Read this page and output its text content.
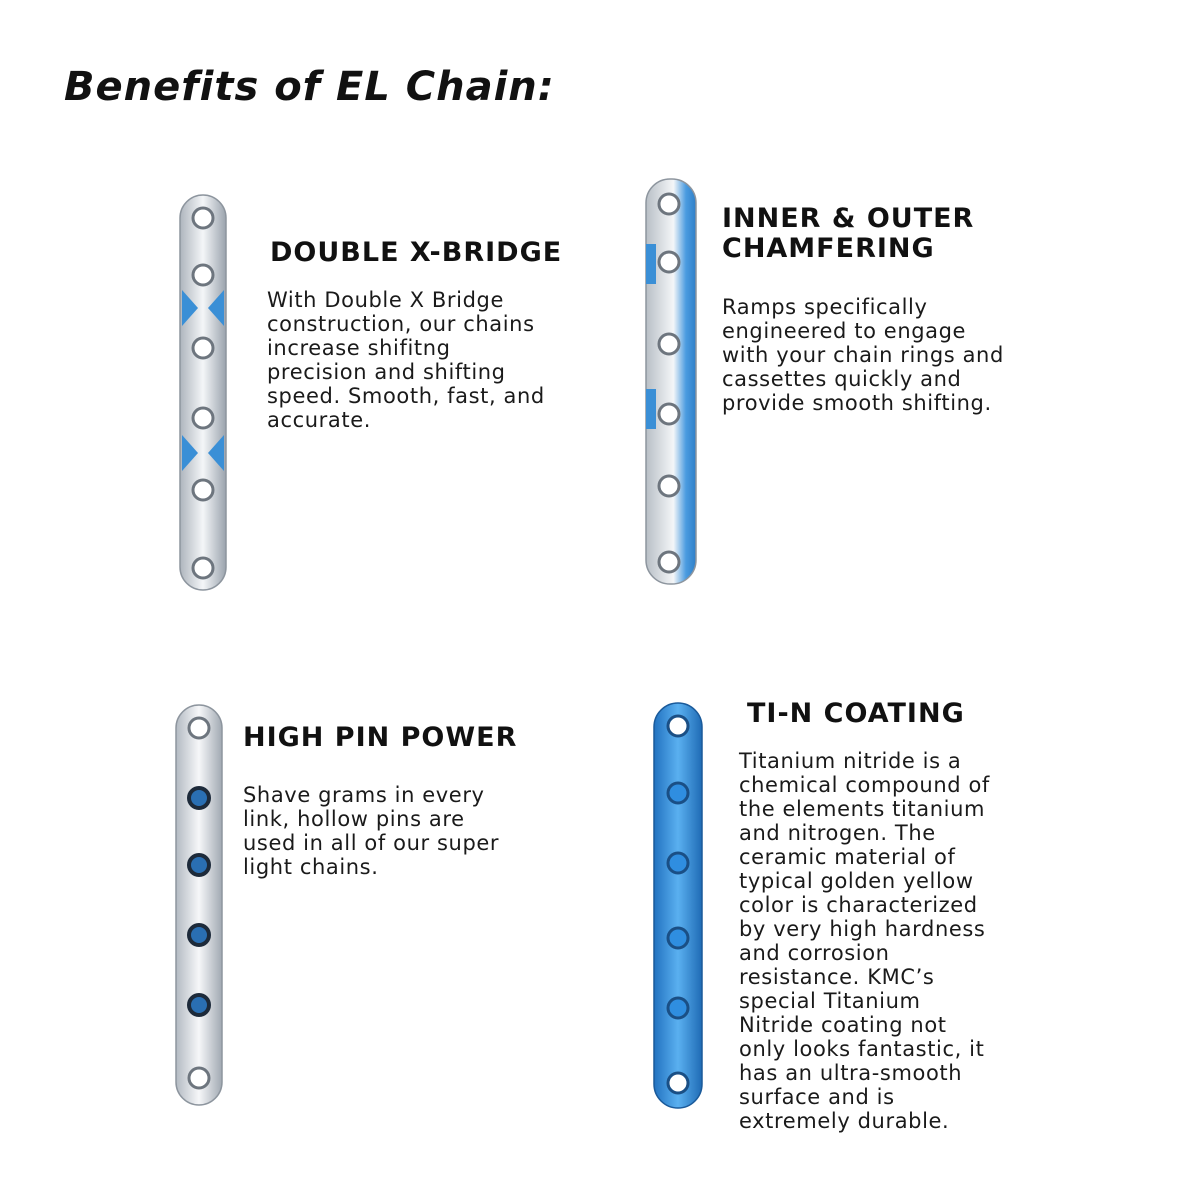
Benefits of EL Chain:
DOUBLE X-BRIDGE
With Double X Bridge
construction, our chains
increase shifitng
precision and shifting
speed. Smooth, fast, and
accurate.
INNER & OUTER
CHAMFERING
Ramps specifically
engineered to engage
with your chain rings and
cassettes quickly and
provide smooth shifting.
HIGH PIN POWER
Shave grams in every
link, hollow pins are
used in all of our super
light chains.
TI-N COATING
Titanium nitride is a
chemical compound of
the elements titanium
and nitrogen. The
ceramic material of
typical golden yellow
color is characterized
by very high hardness
and corrosion
resistance. KMC’s
special Titanium
Nitride coating not
only looks fantastic, it
has an ultra-smooth
surface and is
extremely durable.
